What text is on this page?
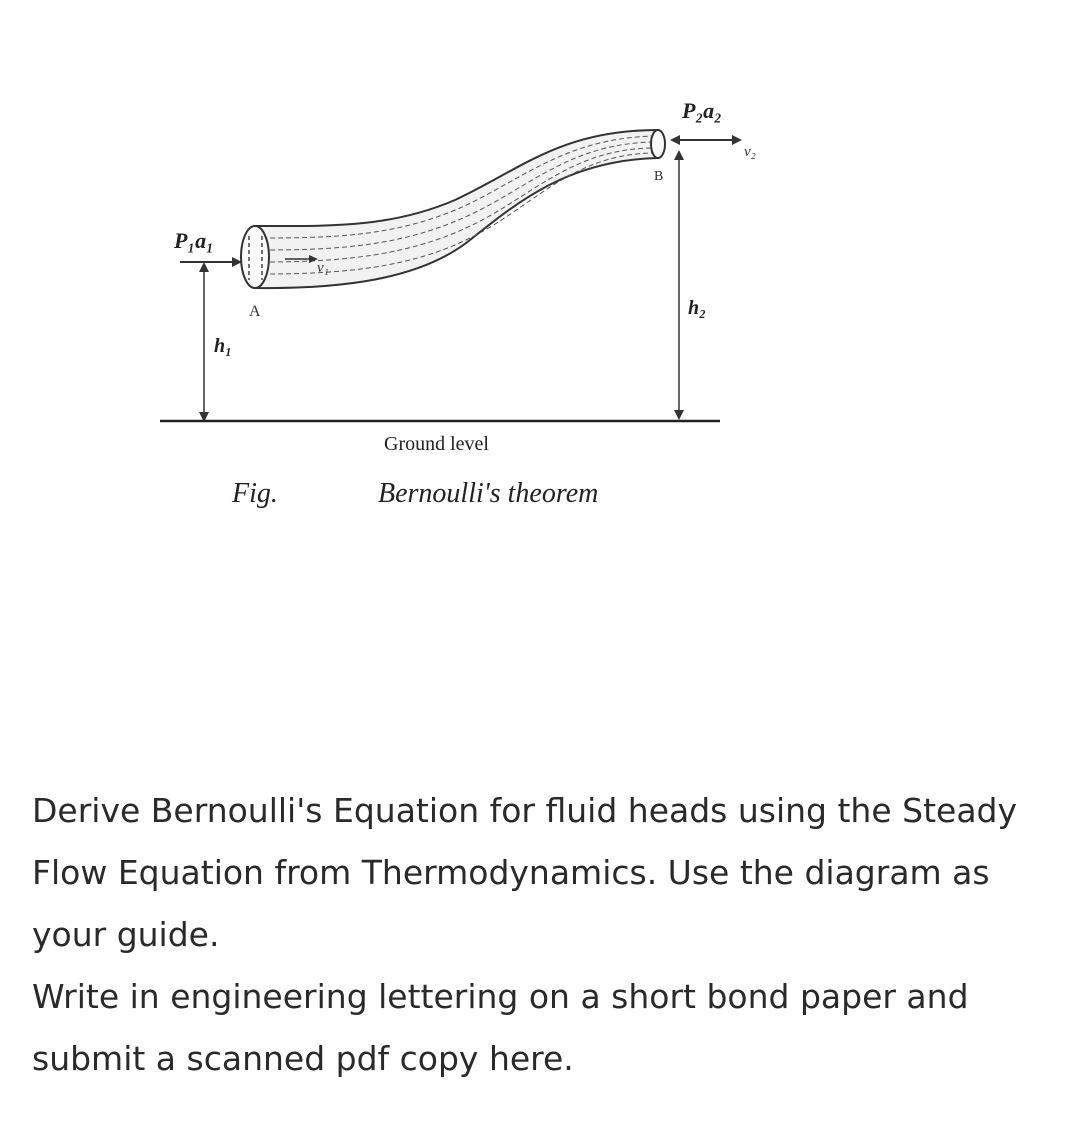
P₁a₁
P₂a₂
v₁
v₂
A
B
h₁
h₂
Ground level
Fig.	Bernoulli's theorem

Derive Bernoulli's Equation for fluid heads using the Steady Flow Equation from Thermodynamics. Use the diagram as your guide.

Write in engineering lettering on a short bond paper and submit a scanned pdf copy here.
